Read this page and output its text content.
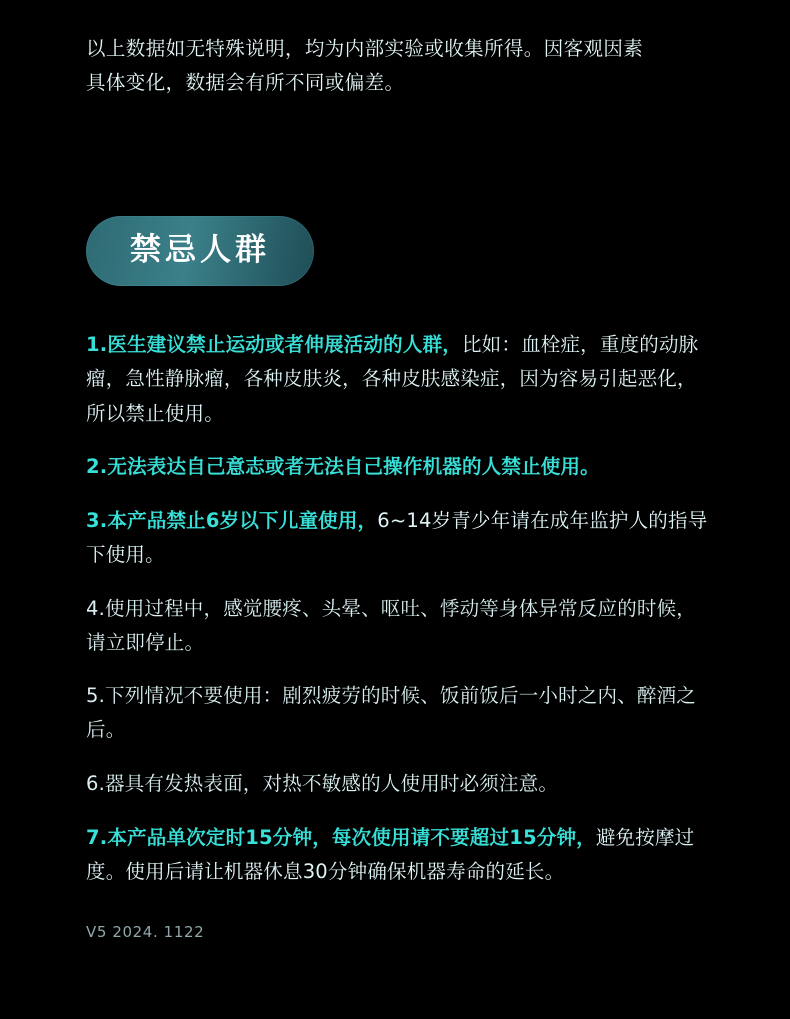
以上数据如无特殊说明，均为内部实验或收集所得。因客观因素
具体变化，数据会有所不同或偏差。

禁忌人群

1.医生建议禁止运动或者伸展活动的人群，比如：血栓症，重度的动脉瘤，急性静脉瘤，各种皮肤炎，各种皮肤感染症，因为容易引起恶化，所以禁止使用。

2.无法表达自己意志或者无法自己操作机器的人禁止使用。

3.本产品禁止6岁以下儿童使用，6~14岁青少年请在成年监护人的指导下使用。

4.使用过程中，感觉腰疼、头晕、呕吐、悸动等身体异常反应的时候，请立即停止。

5.下列情况不要使用：剧烈疲劳的时候、饭前饭后一小时之内、醉酒之后。

6.器具有发热表面，对热不敏感的人使用时必须注意。

7.本产品单次定时15分钟，每次使用请不要超过15分钟，避免按摩过度。使用后请让机器休息30分钟确保机器寿命的延长。

V5 2024. 1122
